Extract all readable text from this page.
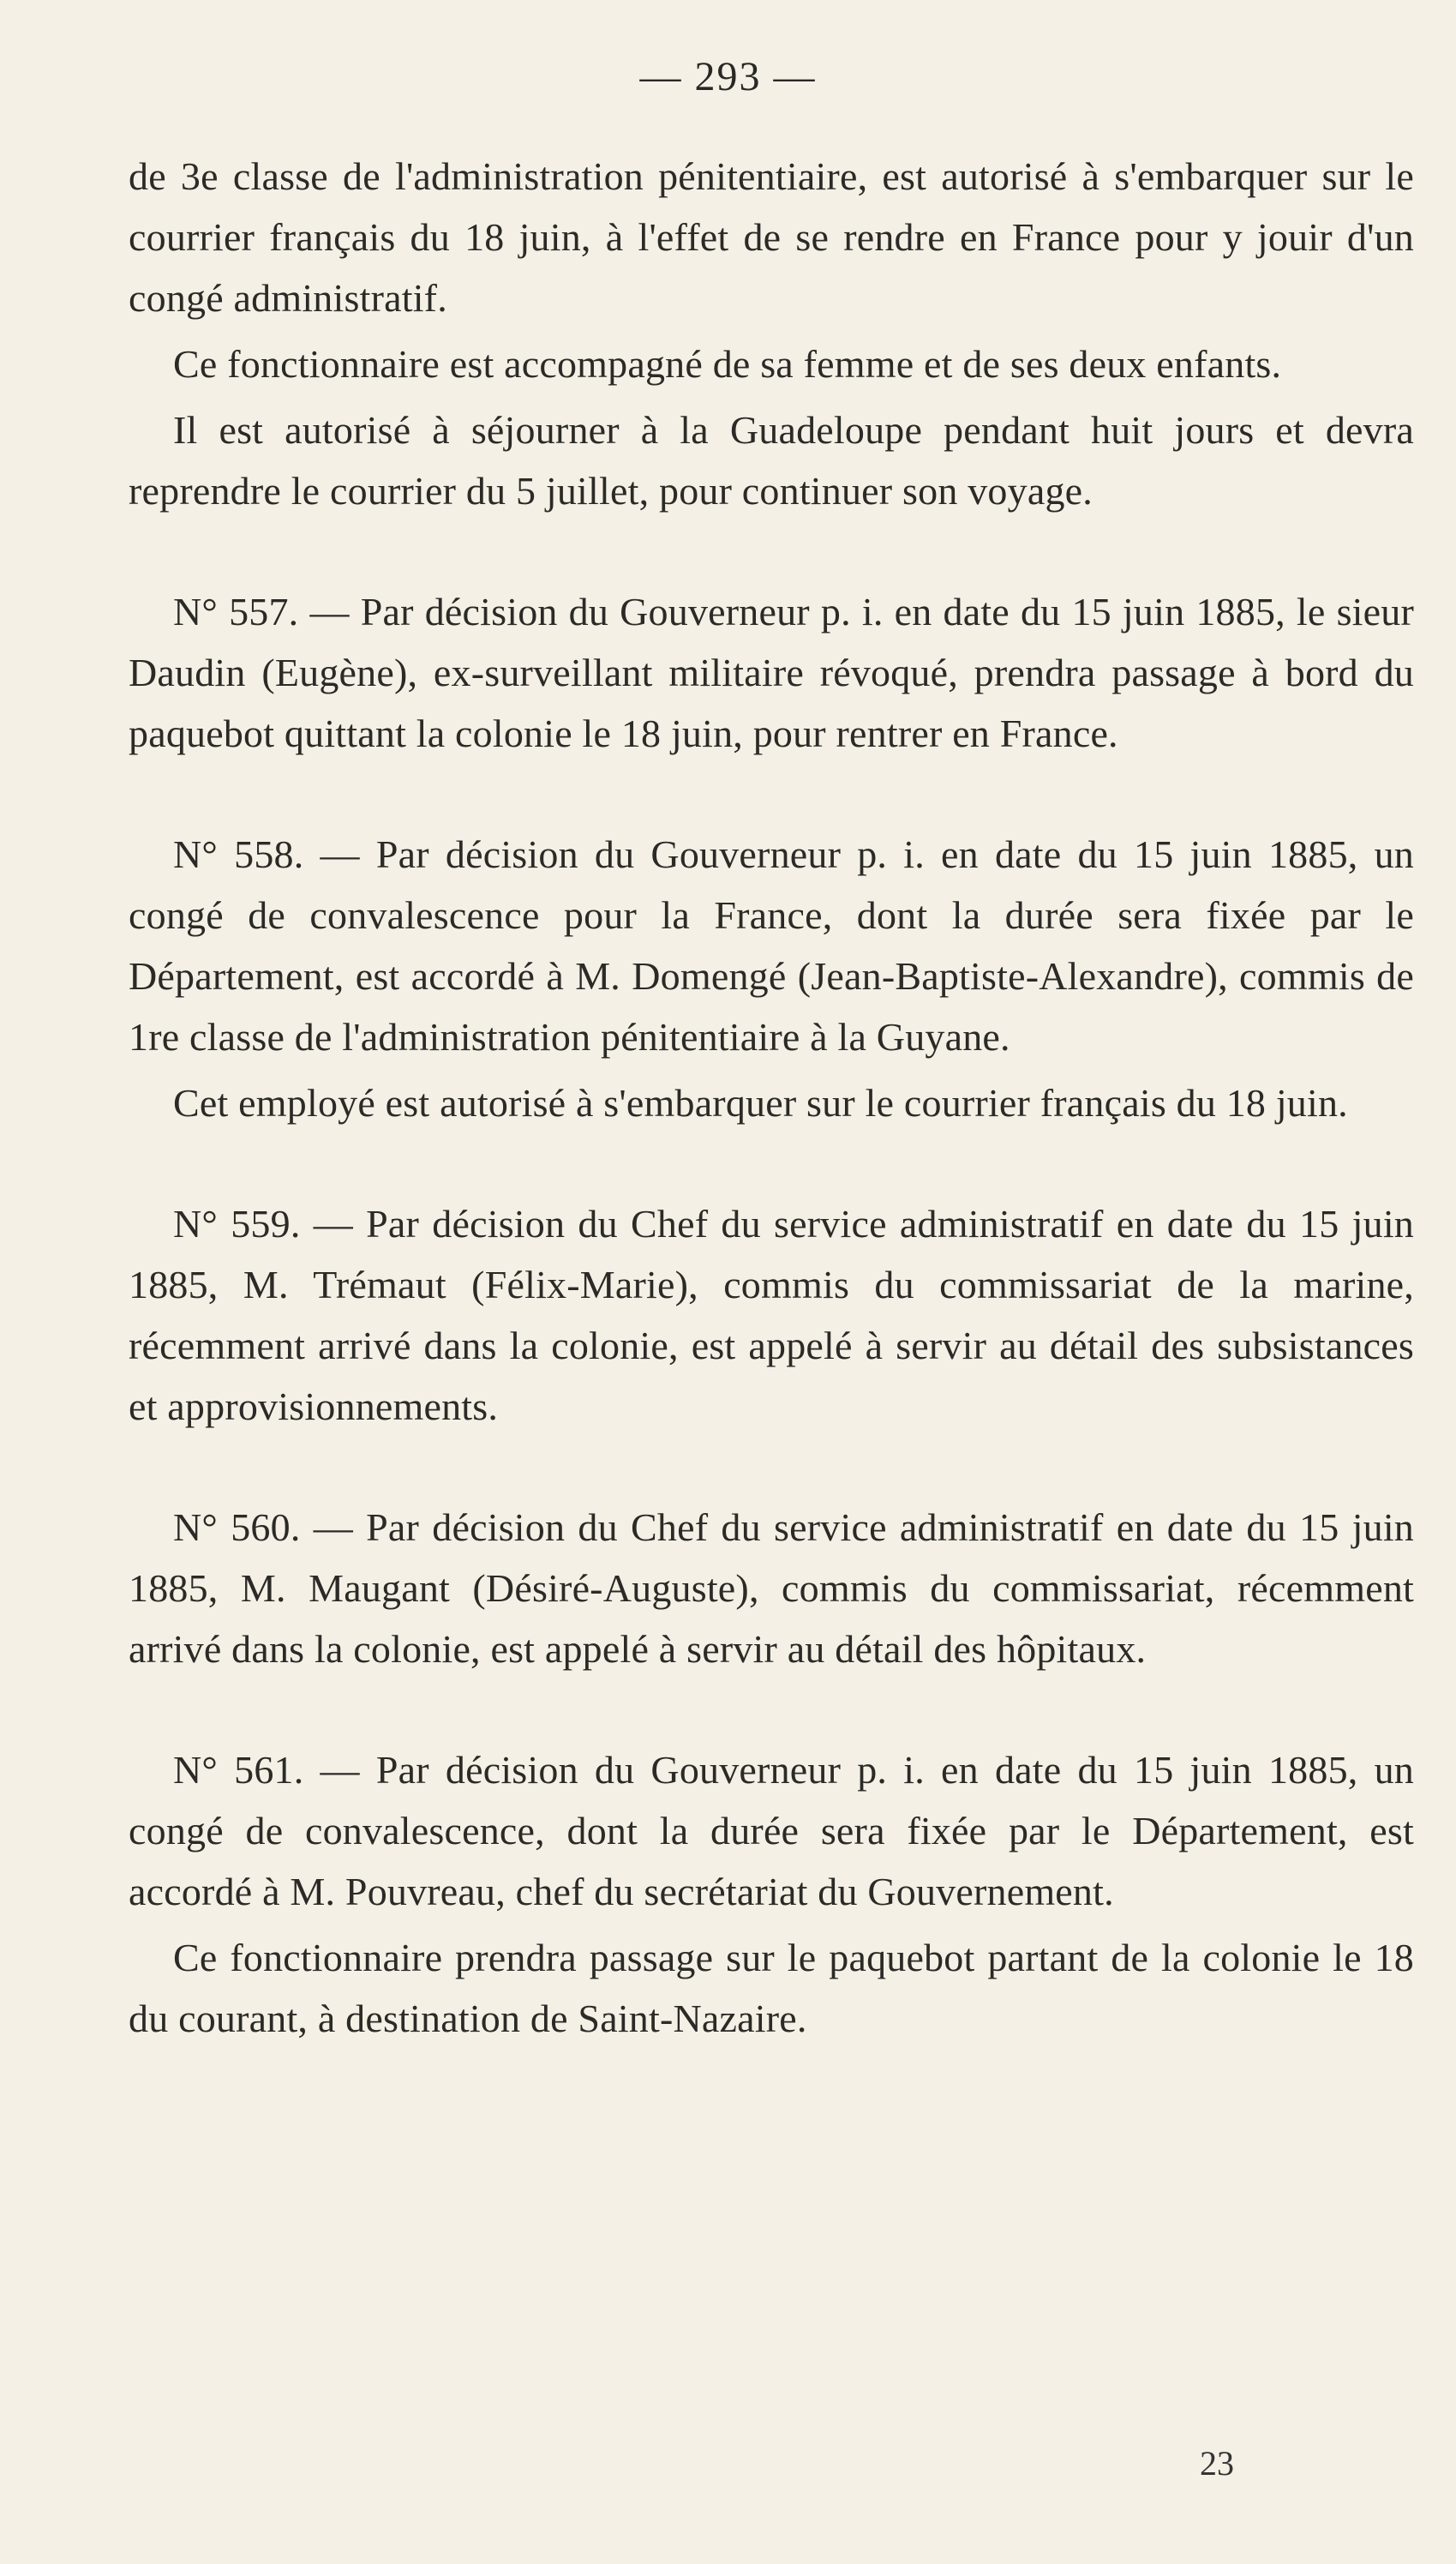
— 293 —

de 3e classe de l'administration pénitentiaire, est autorisé à s'embarquer sur le courrier français du 18 juin, à l'effet de se rendre en France pour y jouir d'un congé administratif.

Ce fonctionnaire est accompagné de sa femme et de ses deux enfants.

Il est autorisé à séjourner à la Guadeloupe pendant huit jours et devra reprendre le courrier du 5 juillet, pour continuer son voyage.

N° 557. — Par décision du Gouverneur p. i. en date du 15 juin 1885, le sieur Daudin (Eugène), ex-surveillant militaire révoqué, prendra passage à bord du paquebot quittant la colonie le 18 juin, pour rentrer en France.

N° 558. — Par décision du Gouverneur p. i. en date du 15 juin 1885, un congé de convalescence pour la France, dont la durée sera fixée par le Département, est accordé à M. Domengé (Jean-Baptiste-Alexandre), commis de 1re classe de l'administration pénitentiaire à la Guyane.

Cet employé est autorisé à s'embarquer sur le courrier français du 18 juin.

N° 559. — Par décision du Chef du service administratif en date du 15 juin 1885, M. Trémaut (Félix-Marie), commis du commissariat de la marine, récemment arrivé dans la colonie, est appelé à servir au détail des subsistances et approvisionnements.

N° 560. — Par décision du Chef du service administratif en date du 15 juin 1885, M. Maugant (Désiré-Auguste), commis du commissariat, récemment arrivé dans la colonie, est appelé à servir au détail des hôpitaux.

N° 561. — Par décision du Gouverneur p. i. en date du 15 juin 1885, un congé de convalescence, dont la durée sera fixée par le Département, est accordé à M. Pouvreau, chef du secrétariat du Gouvernement.

Ce fonctionnaire prendra passage sur le paquebot partant de la colonie le 18 du courant, à destination de Saint-Nazaire.

23
